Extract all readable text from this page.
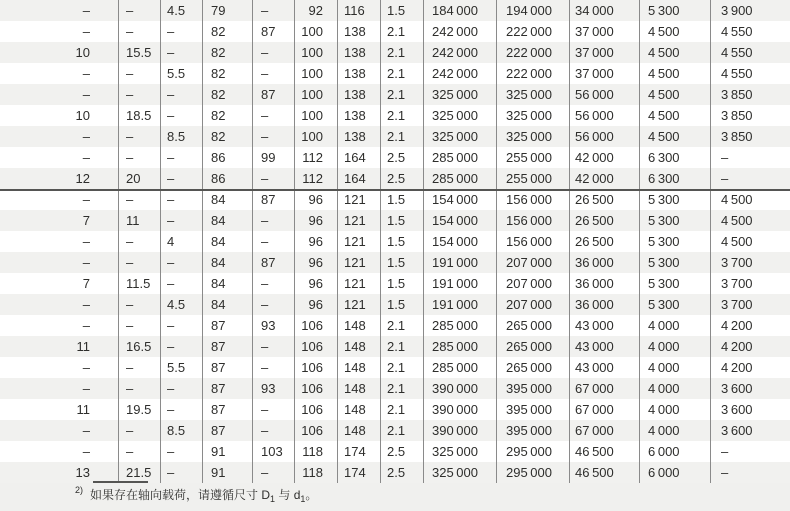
–	–	4.5	79	–	92	116	1.5	184 000	194 000	34 000	5 300	3 900
–	–	–	82	87	100	138	2.1	242 000	222 000	37 000	4 500	4 550
10	15.5	–	82	–	100	138	2.1	242 000	222 000	37 000	4 500	4 550
–	–	5.5	82	–	100	138	2.1	242 000	222 000	37 000	4 500	4 550
–	–	–	82	87	100	138	2.1	325 000	325 000	56 000	4 500	3 850
10	18.5	–	82	–	100	138	2.1	325 000	325 000	56 000	4 500	3 850
–	–	8.5	82	–	100	138	2.1	325 000	325 000	56 000	4 500	3 850
–	–	–	86	99	112	164	2.5	285 000	255 000	42 000	6 300	–
12	20	–	86	–	112	164	2.5	285 000	255 000	42 000	6 300	–
–	–	–	84	87	96	121	1.5	154 000	156 000	26 500	5 300	4 500
7	11	–	84	–	96	121	1.5	154 000	156 000	26 500	5 300	4 500
–	–	4	84	–	96	121	1.5	154 000	156 000	26 500	5 300	4 500
–	–	–	84	87	96	121	1.5	191 000	207 000	36 000	5 300	3 700
7	11.5	–	84	–	96	121	1.5	191 000	207 000	36 000	5 300	3 700
–	–	4.5	84	–	96	121	1.5	191 000	207 000	36 000	5 300	3 700
–	–	–	87	93	106	148	2.1	285 000	265 000	43 000	4 000	4 200
11	16.5	–	87	–	106	148	2.1	285 000	265 000	43 000	4 000	4 200
–	–	5.5	87	–	106	148	2.1	285 000	265 000	43 000	4 000	4 200
–	–	–	87	93	106	148	2.1	390 000	395 000	67 000	4 000	3 600
11	19.5	–	87	–	106	148	2.1	390 000	395 000	67 000	4 000	3 600
–	–	8.5	87	–	106	148	2.1	390 000	395 000	67 000	4 000	3 600
–	–	–	91	103	118	174	2.5	325 000	295 000	46 500	6 000	–
13	21.5	–	91	–	118	174	2.5	325 000	295 000	46 500	6 000	–
$^{2)}$ 如果存在轴向载荷，请遵循尺寸 $D_1$ 与 $d_1$。
